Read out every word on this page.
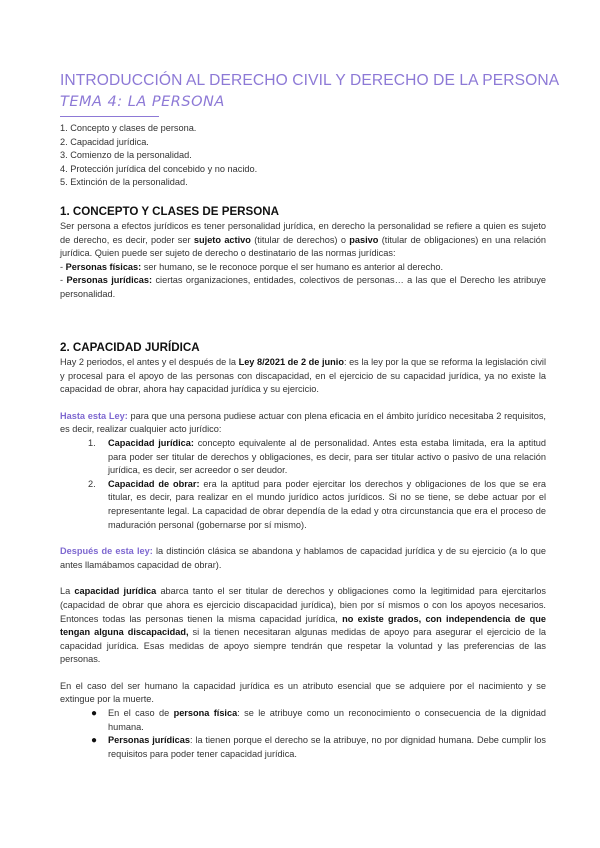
INTRODUCCIÓN AL DERECHO CIVIL Y DERECHO DE LA PERSONA
TEMA 4: LA PERSONA
1. Concepto y clases de persona.
2. Capacidad jurídica.
3. Comienzo de la personalidad.
4. Protección jurídica del concebido y no nacido.
5. Extinción de la personalidad.
1. CONCEPTO Y CLASES DE PERSONA

Ser persona a efectos jurídicos es tener personalidad jurídica, en derecho la personalidad se refiere a quien es sujeto de derecho, es decir, poder ser sujeto activo (titular de derechos) o pasivo (titular de obligaciones) en una relación jurídica. Quien puede ser sujeto de derecho o destinatario de las normas jurídicas:

- Personas físicas: ser humano, se le reconoce porque el ser humano es anterior al derecho.

- Personas jurídicas: ciertas organizaciones, entidades, colectivos de personas… a las que el Derecho les atribuye personalidad.

2. CAPACIDAD JURÍDICA

Hay 2 periodos, el antes y el después de la Ley 8/2021 de 2 de junio: es la ley por la que se reforma la legislación civil y procesal para el apoyo de las personas con discapacidad, en el ejercicio de su capacidad jurídica, ya no existe la capacidad de obrar, ahora hay capacidad jurídica y su ejercicio.

Hasta esta Ley: para que una persona pudiese actuar con plena eficacia en el ámbito jurídico necesitaba 2 requisitos, es decir, realizar cualquier acto jurídico:

1. Capacidad jurídica: concepto equivalente al de personalidad. Antes esta estaba limitada, era la aptitud para poder ser titular de derechos y obligaciones, es decir, para ser titular activo o pasivo de una relación jurídica, es decir, ser acreedor o ser deudor.
2. Capacidad de obrar: era la aptitud para poder ejercitar los derechos y obligaciones de los que se era titular, es decir, para realizar en el mundo jurídico actos jurídicos. Si no se tiene, se debe actuar por el representante legal. La capacidad de obrar dependía de la edad y otra circunstancia que era el proceso de maduración personal (gobernarse por sí mismo).

Después de esta ley: la distinción clásica se abandona y hablamos de capacidad jurídica y de su ejercicio (a lo que antes llamábamos capacidad de obrar).

La capacidad jurídica abarca tanto el ser titular de derechos y obligaciones como la legitimidad para ejercitarlos (capacidad de obrar que ahora es ejercicio discapacidad jurídica), bien por sí mismos o con los apoyos necesarios. Entonces todas las personas tienen la misma capacidad jurídica, no existe grados, con independencia de que tengan alguna discapacidad, si la tienen necesitaran algunas medidas de apoyo para asegurar el ejercicio de la capacidad jurídica. Esas medidas de apoyo siempre tendrán que respetar la voluntad y las preferencias de las personas.

En el caso del ser humano la capacidad jurídica es un atributo esencial que se adquiere por el nacimiento y se extingue por la muerte.

● En el caso de persona física: se le atribuye como un reconocimiento o consecuencia de la dignidad humana.
● Personas jurídicas: la tienen porque el derecho se la atribuye, no por dignidad humana. Debe cumplir los requisitos para poder tener capacidad jurídica.
